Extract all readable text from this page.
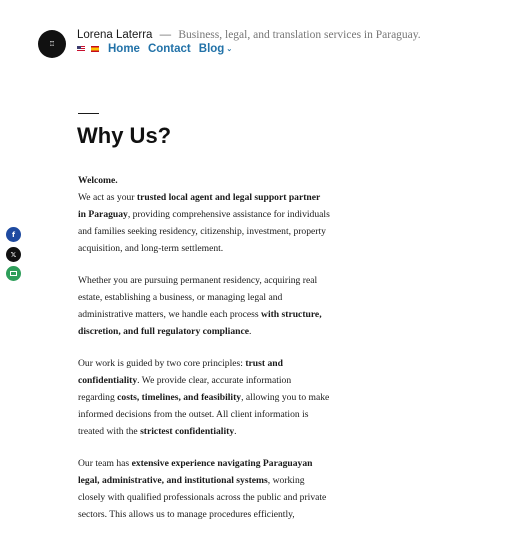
♖
Lorena Laterra — Business, legal, and translation services in Paraguay.
Home Contact Blog ⌄
f
𝕏
Why Us?

Welcome.
We act as your trusted local agent and legal support partner in Paraguay, providing comprehensive assistance for individuals and families seeking residency, citizenship, investment, property acquisition, and long-term settlement.

Whether you are pursuing permanent residency, acquiring real estate, establishing a business, or managing legal and administrative matters, we handle each process with structure, discretion, and full regulatory compliance.

Our work is guided by two core principles: trust and confidentiality. We provide clear, accurate information regarding costs, timelines, and feasibility, allowing you to make informed decisions from the outset. All client information is treated with the strictest confidentiality.

Our team has extensive experience navigating Paraguayan legal, administrative, and institutional systems, working closely with qualified professionals across the public and private sectors. This allows us to manage procedures efficiently,
